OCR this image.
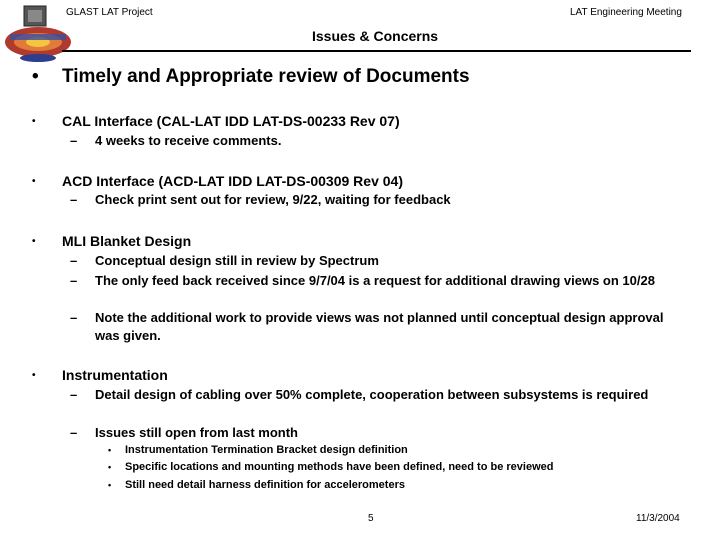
GLAST LAT Project	LAT Engineering Meeting
Issues & Concerns
• Timely and Appropriate review of Documents
• CAL Interface (CAL-LAT IDD LAT-DS-00233 Rev 07)
– 4 weeks to receive comments.
• ACD Interface (ACD-LAT IDD LAT-DS-00309 Rev 04)
– Check print sent out for review, 9/22, waiting for feedback
• MLI Blanket Design
– Conceptual design still in review by Spectrum
– The only feed back received since 9/7/04 is a request for additional drawing views on 10/28
– Note the additional work to provide views was not planned until conceptual design approval was given.
• Instrumentation
– Detail design of cabling over 50% complete, cooperation between subsystems is required
– Issues still open from last month
• Instrumentation Termination Bracket design definition
• Specific locations and mounting methods have been defined, need to be reviewed
• Still need detail harness definition for accelerometers
5	11/3/2004
